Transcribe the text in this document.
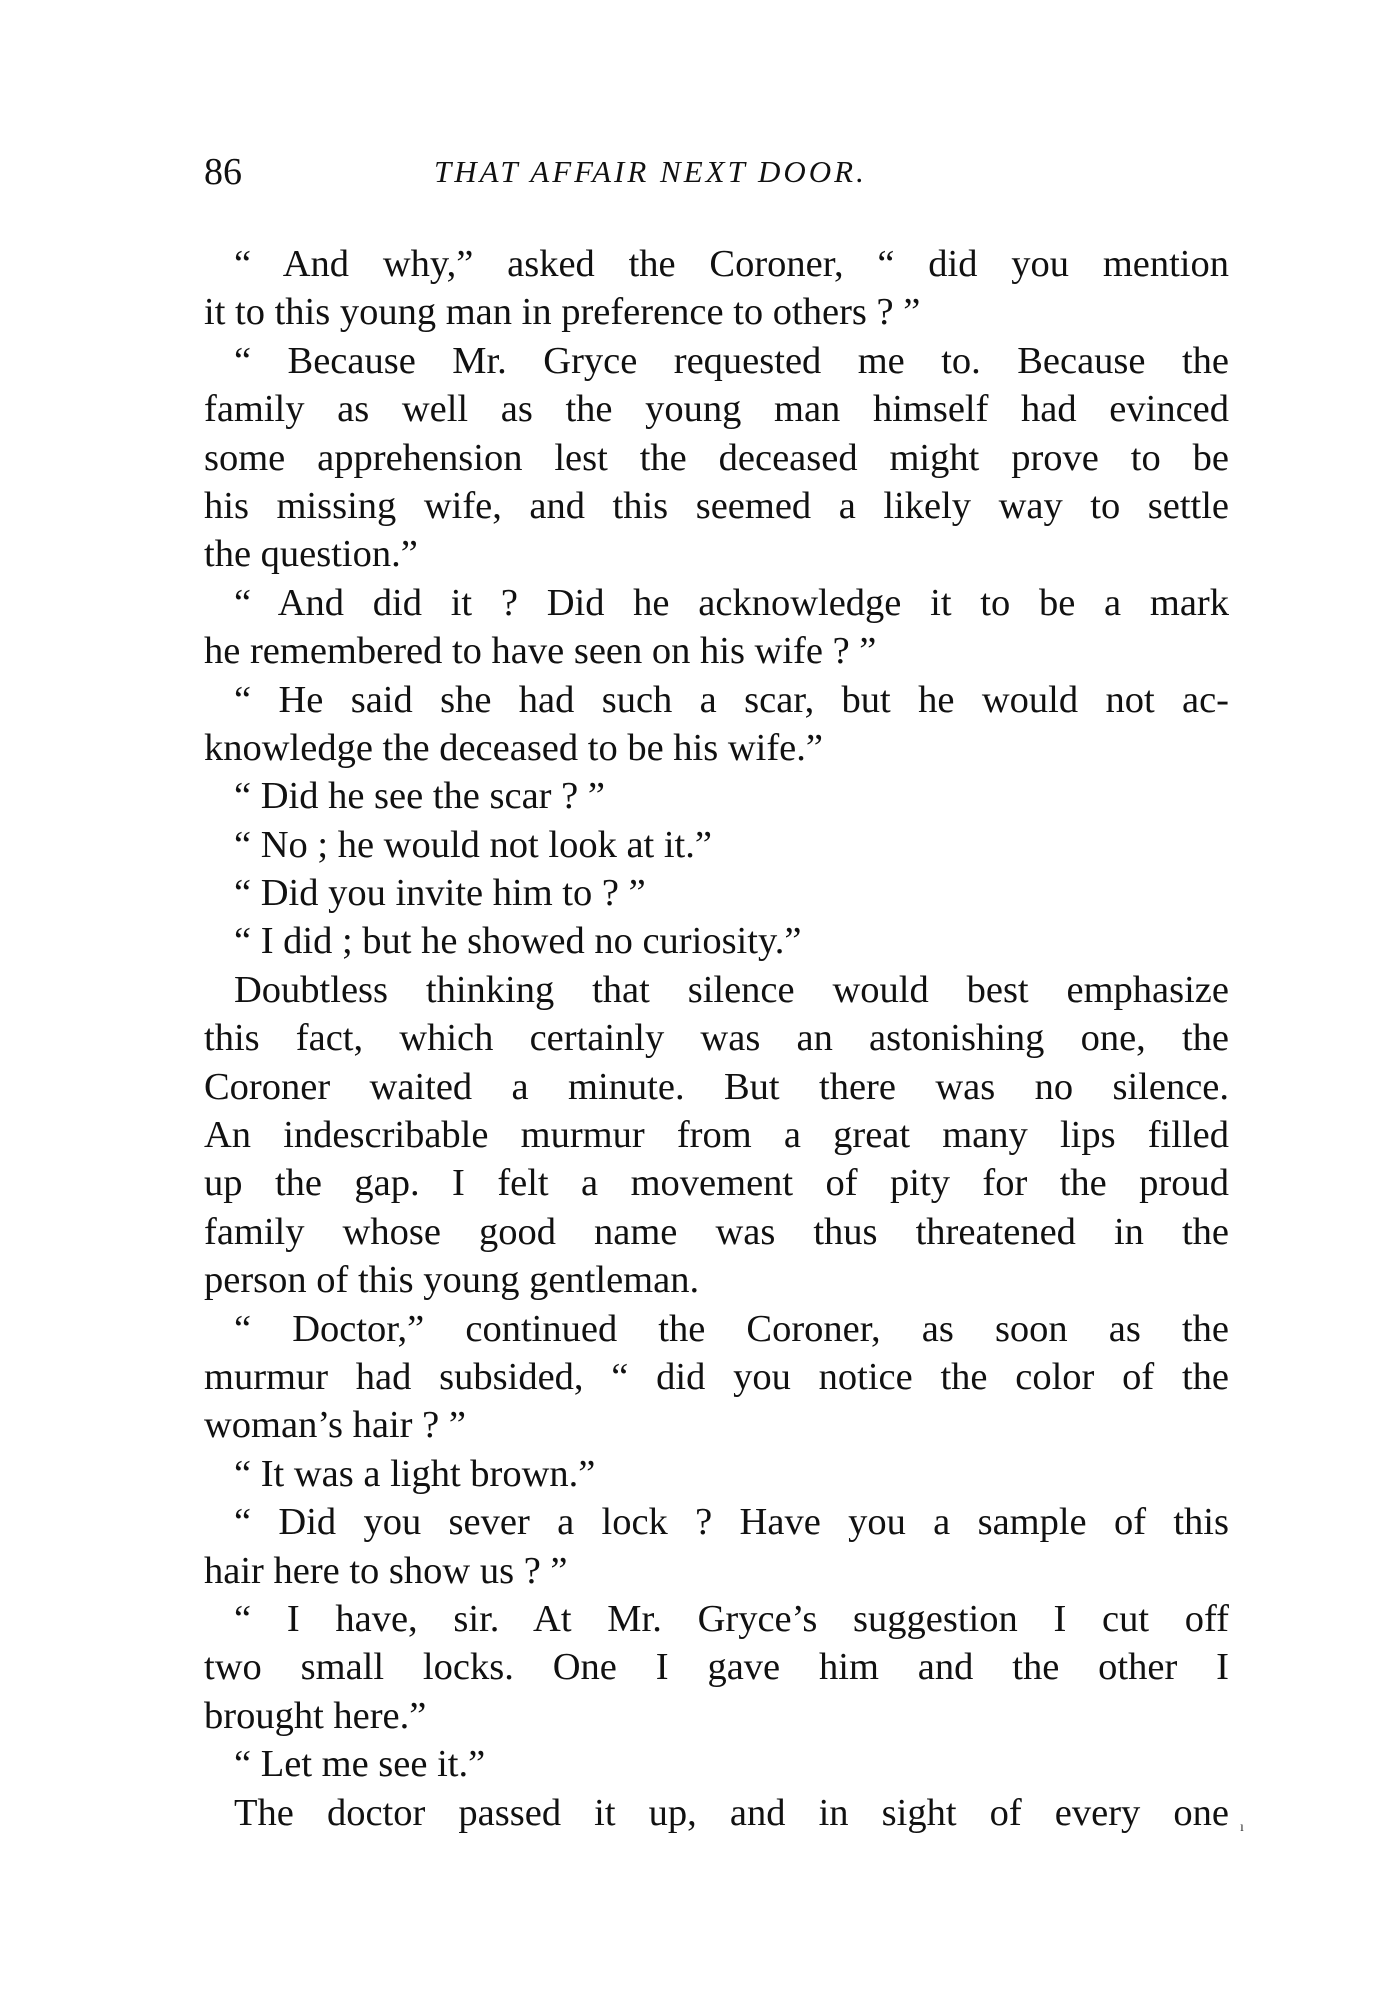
86	THAT AFFAIR NEXT DOOR.
“ And why,” asked the Coroner, “ did you mention
it to this young man in preference to others ? ”
“ Because Mr. Gryce requested me to. Because the
family as well as the young man himself had evinced
some apprehension lest the deceased might prove to be
his missing wife, and this seemed a likely way to settle
the question.”
“ And did it ? Did he acknowledge it to be a mark
he remembered to have seen on his wife ? ”
“ He said she had such a scar, but he would not ac-
knowledge the deceased to be his wife.”
“ Did he see the scar ? ”
“ No ; he would not look at it.”
“ Did you invite him to ? ”
“ I did ; but he showed no curiosity.”
Doubtless thinking that silence would best emphasize
this fact, which certainly was an astonishing one, the
Coroner waited a minute. But there was no silence.
An indescribable murmur from a great many lips filled
up the gap. I felt a movement of pity for the proud
family whose good name was thus threatened in the
person of this young gentleman.
“ Doctor,” continued the Coroner, as soon as the
murmur had subsided, “ did you notice the color of the
woman’s hair ? ”
“ It was a light brown.”
“ Did you sever a lock ? Have you a sample of this
hair here to show us ? ”
“ I have, sir. At Mr. Gryce’s suggestion I cut off
two small locks. One I gave him and the other I
brought here.”
“ Let me see it.”
The doctor passed it up, and in sight of every one ı
